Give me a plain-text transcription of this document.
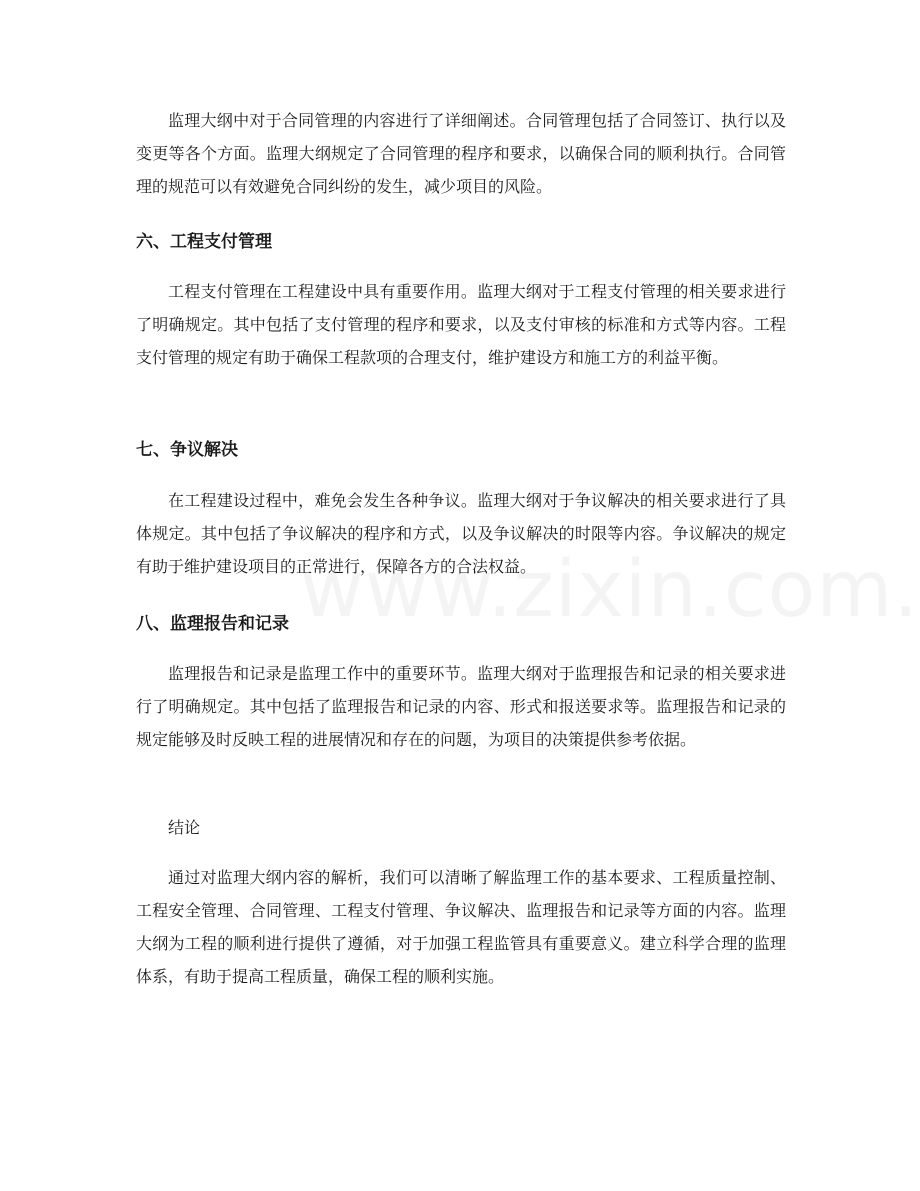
监理大纲中对于合同管理的内容进行了详细阐述。合同管理包括了合同签订、执行以及变更等各个方面。监理大纲规定了合同管理的程序和要求，以确保合同的顺利执行。合同管理的规范可以有效避免合同纠纷的发生，减少项目的风险。

六、工程支付管理

工程支付管理在工程建设中具有重要作用。监理大纲对于工程支付管理的相关要求进行了明确规定。其中包括了支付管理的程序和要求，以及支付审核的标准和方式等内容。工程支付管理的规定有助于确保工程款项的合理支付，维护建设方和施工方的利益平衡。

七、争议解决

在工程建设过程中，难免会发生各种争议。监理大纲对于争议解决的相关要求进行了具体规定。其中包括了争议解决的程序和方式，以及争议解决的时限等内容。争议解决的规定有助于维护建设项目的正常进行，保障各方的合法权益。

八、监理报告和记录

监理报告和记录是监理工作中的重要环节。监理大纲对于监理报告和记录的相关要求进行了明确规定。其中包括了监理报告和记录的内容、形式和报送要求等。监理报告和记录的规定能够及时反映工程的进展情况和存在的问题，为项目的决策提供参考依据。

结论

通过对监理大纲内容的解析，我们可以清晰了解监理工作的基本要求、工程质量控制、工程安全管理、合同管理、工程支付管理、争议解决、监理报告和记录等方面的内容。监理大纲为工程的顺利进行提供了遵循，对于加强工程监管具有重要意义。建立科学合理的监理体系，有助于提高工程质量，确保工程的顺利实施。
